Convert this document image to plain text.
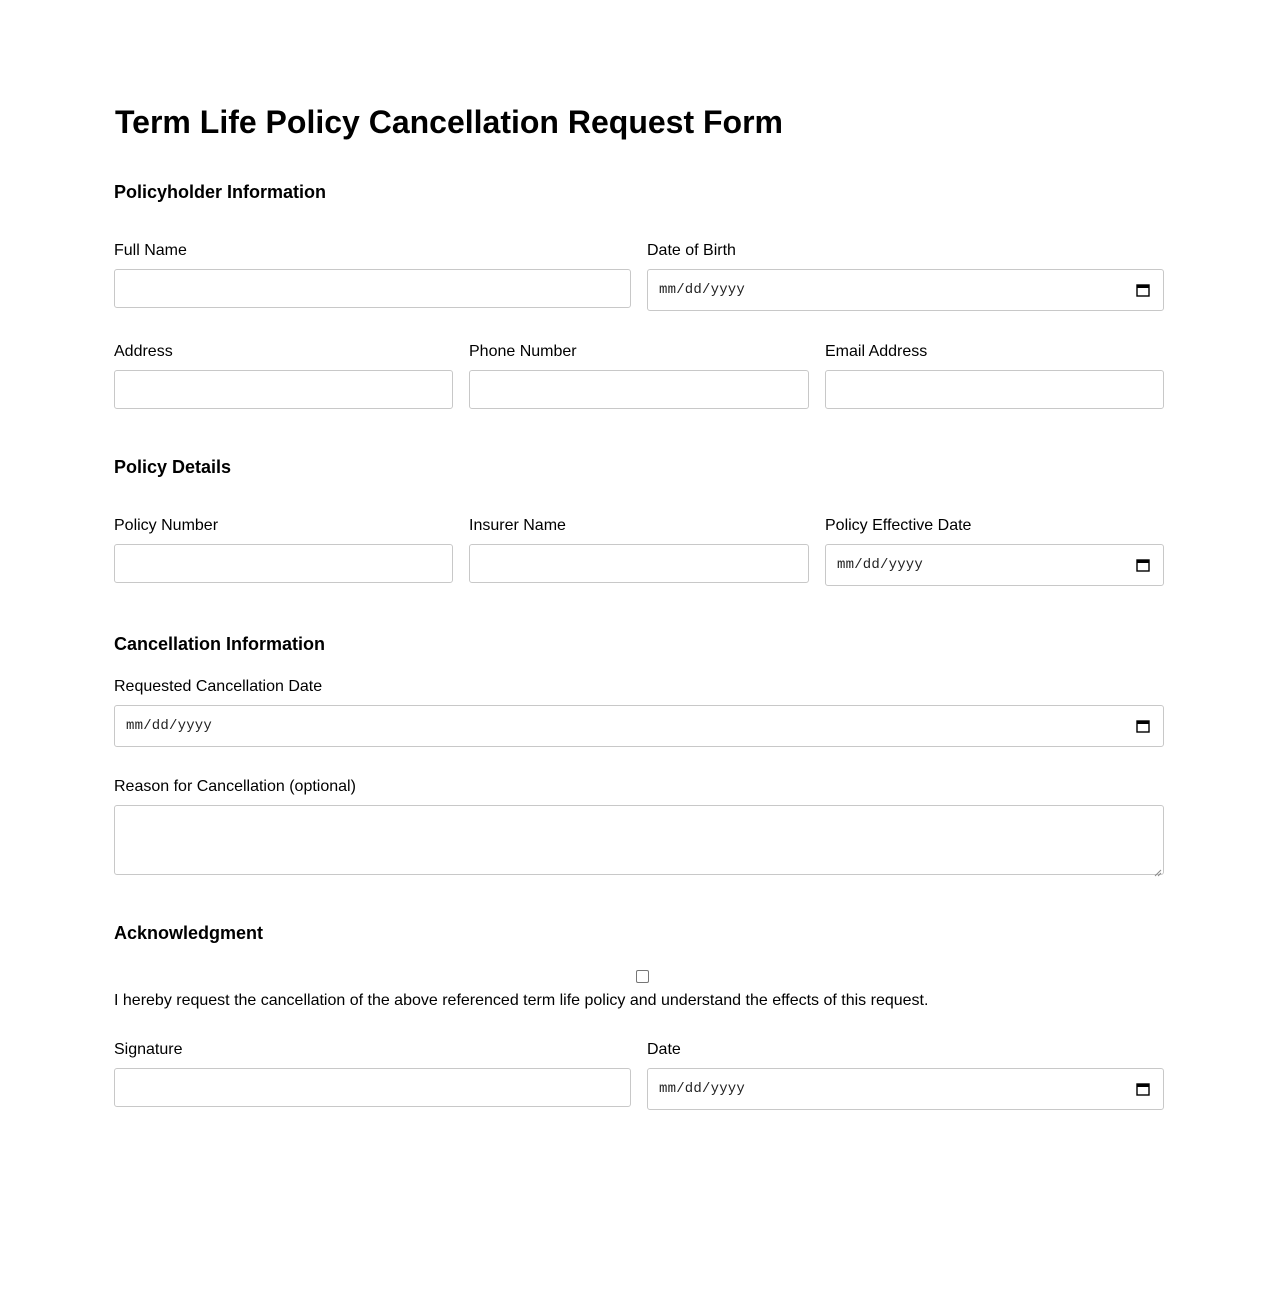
Term Life Policy Cancellation Request Form
Policyholder Information
Full Name	Date of Birth
mm/dd/yyyy
Address	Phone Number	Email Address
Policy Details
Policy Number	Insurer Name	Policy Effective Date
mm/dd/yyyy
Cancellation Information
Requested Cancellation Date
mm/dd/yyyy
Reason for Cancellation (optional)
Acknowledgment
I hereby request the cancellation of the above referenced term life policy and understand the effects of this request.
Signature	Date
mm/dd/yyyy
